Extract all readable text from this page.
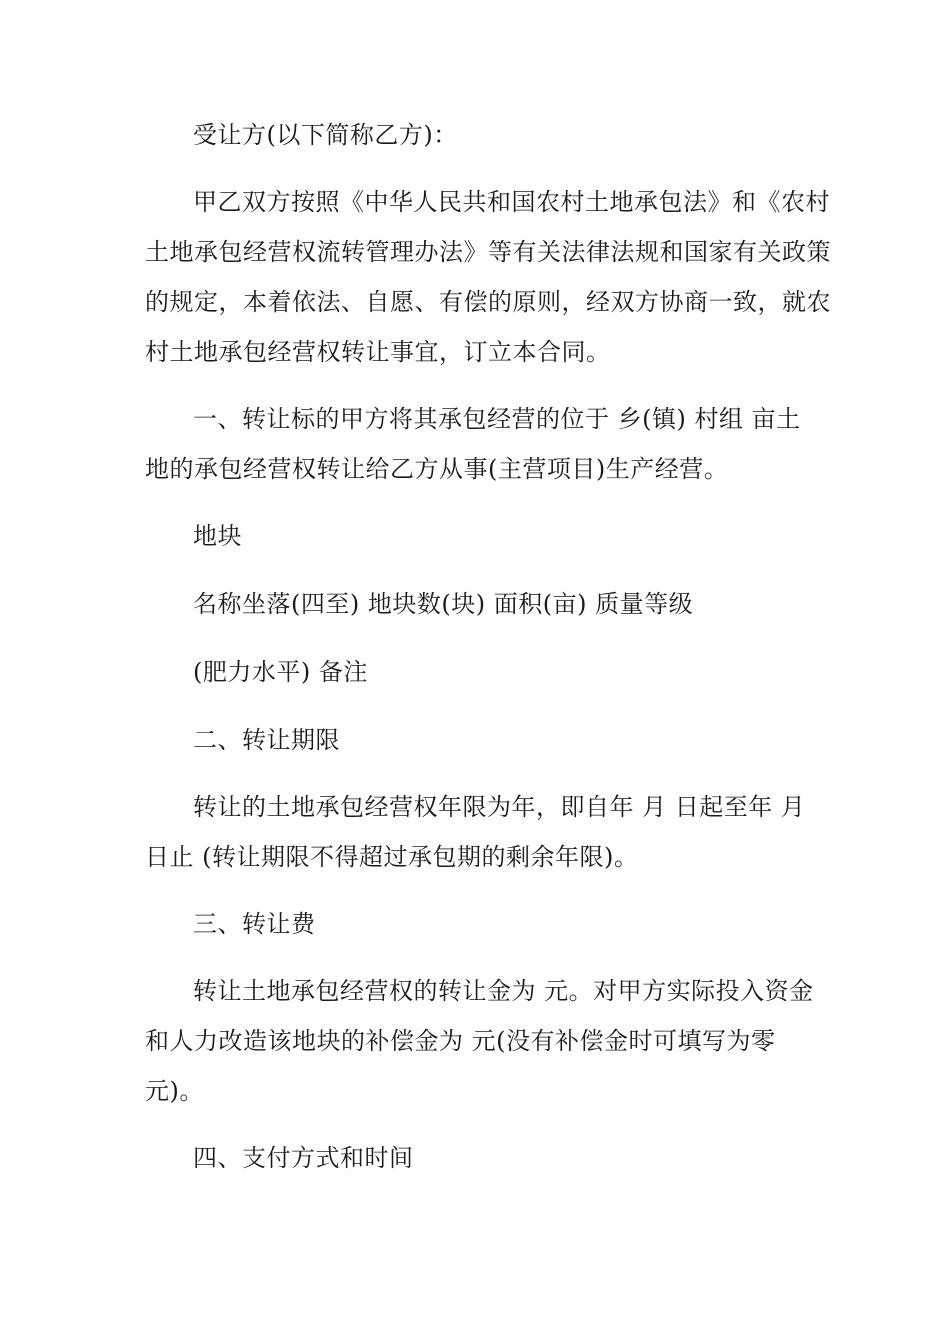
受让方(以下简称乙方)：
甲乙双方按照《中华人民共和国农村土地承包法》和《农村
土地承包经营权流转管理办法》等有关法律法规和国家有关政策
的规定，本着依法、自愿、有偿的原则，经双方协商一致，就农
村土地承包经营权转让事宜，订立本合同。
一、转让标的甲方将其承包经营的位于 乡(镇) 村组 亩土
地的承包经营权转让给乙方从事(主营项目)生产经营。
地块
名称坐落(四至) 地块数(块) 面积(亩) 质量等级
(肥力水平) 备注
二、转让期限
转让的土地承包经营权年限为年，即自年 月 日起至年 月
日止 (转让期限不得超过承包期的剩余年限)。
三、转让费
转让土地承包经营权的转让金为 元。对甲方实际投入资金
和人力改造该地块的补偿金为 元(没有补偿金时可填写为零
元)。
四、支付方式和时间
